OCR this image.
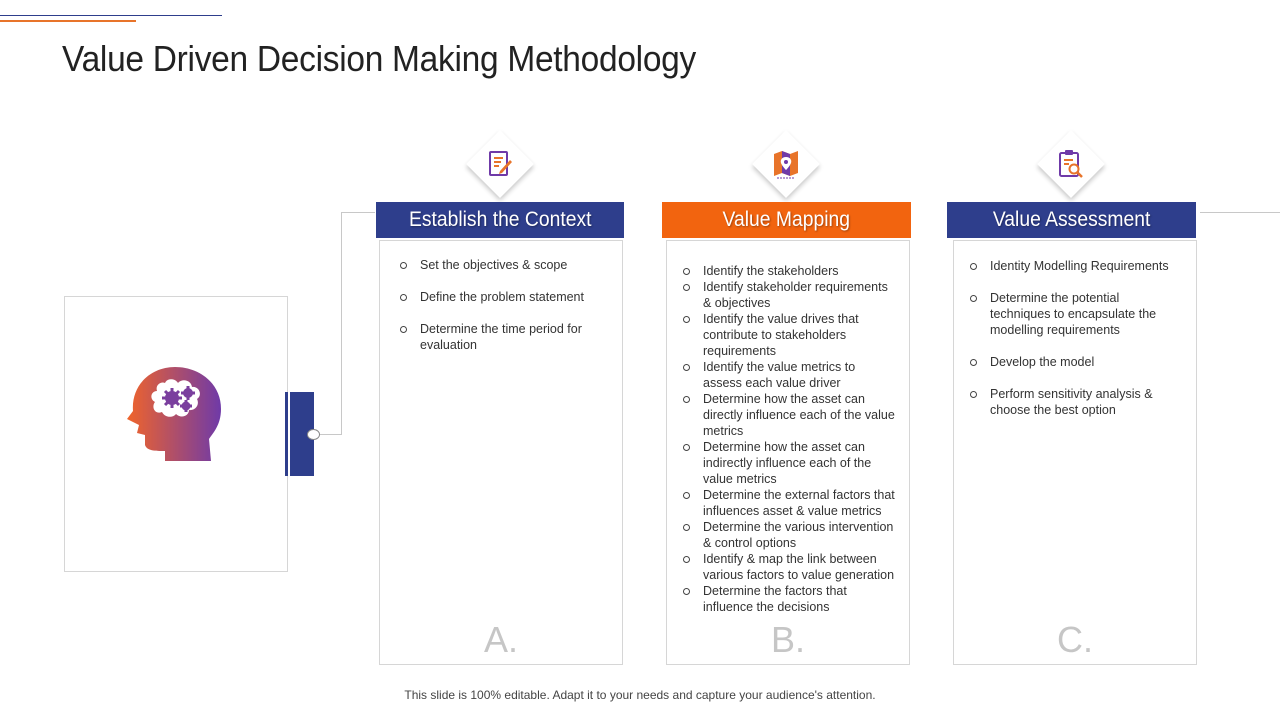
Value Driven Decision Making Methodology
Establish the Context
Set the objectives & scope
Define the problem statement
Determine the time period for evaluation
A.
Value Mapping
Identify the stakeholders
Identify stakeholder requirements & objectives
Identify the value drives that contribute to stakeholders requirements
Identify the value metrics to assess each value driver
Determine how the asset can directly influence each of the value metrics
Determine how the asset can indirectly influence each of the value metrics
Determine the external factors that influences asset & value metrics
Determine the various intervention & control options
Identify & map the link between various factors to value generation
Determine the factors that influence the decisions
B.
Value Assessment
Identity Modelling Requirements
Determine the potential techniques to encapsulate the modelling requirements
Develop the model
Perform sensitivity analysis & choose the best option
C.
This slide is 100% editable. Adapt it to your needs and capture your audience's attention.
